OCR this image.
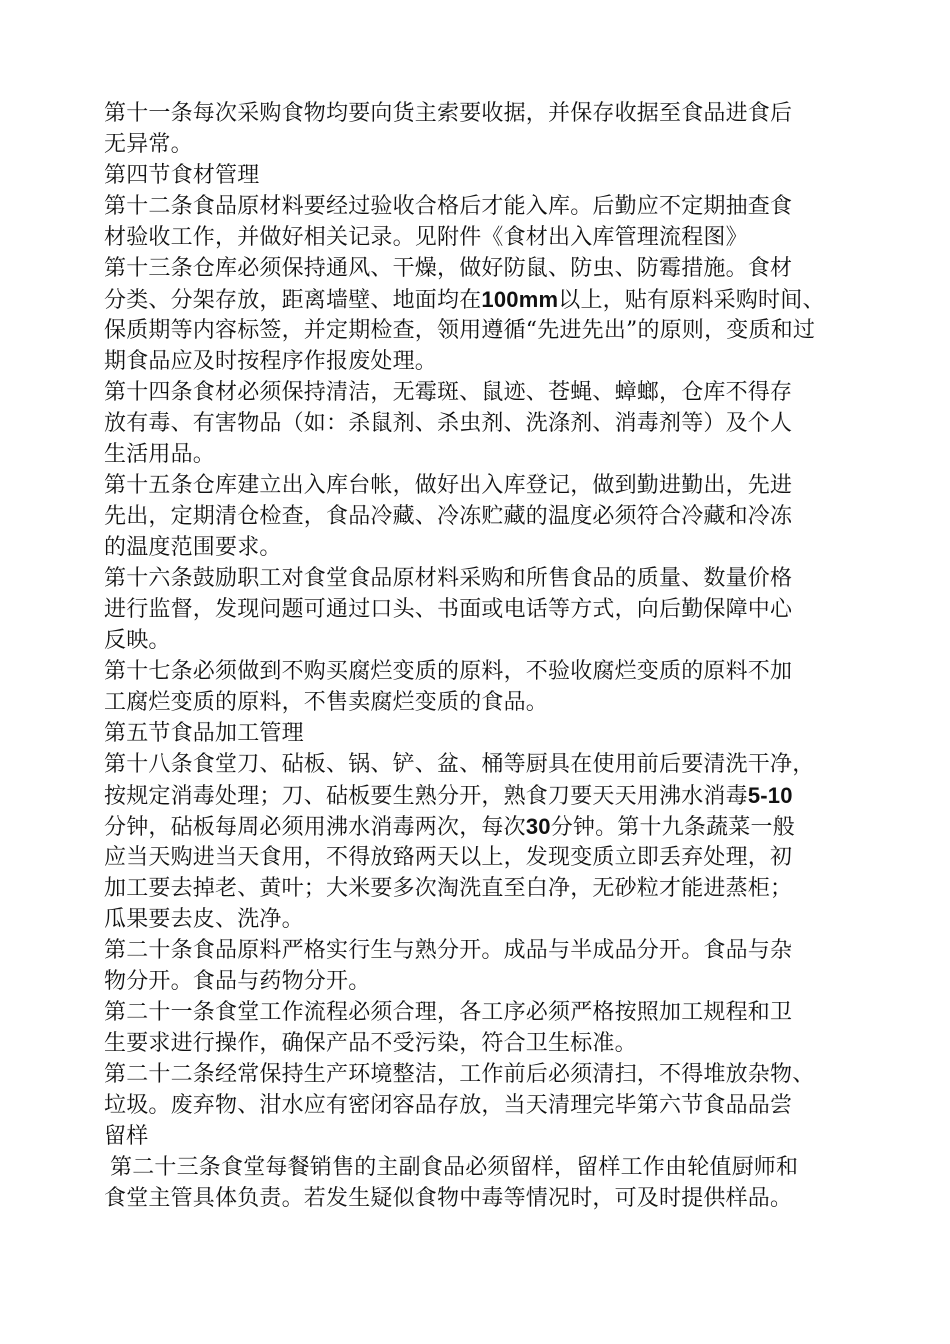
第十一条每次采购食物均要向货主索要收据，并保存收据至食品进食后
无异常。
第四节食材管理
第十二条食品原材料要经过验收合格后才能入库。后勤应不定期抽查食
材验收工作，并做好相关记录。见附件《食材出入库管理流程图》
第十三条仓库必须保持通风、干燥，做好防鼠、防虫、防霉措施。食材
分类、分架存放，距离墙壁、地面均在100mm以上，贴有原料采购时间、
保质期等内容标签，并定期检查，领用遵循“先进先出”的原则，变质和过
期食品应及时按程序作报废处理。
第十四条食材必须保持清洁，无霉斑、鼠迹、苍蝇、蟑螂，仓库不得存
放有毒、有害物品（如：杀鼠剂、杀虫剂、洗涤剂、消毒剂等）及个人
生活用品。
第十五条仓库建立出入库台帐，做好出入库登记，做到勤进勤出，先进
先出，定期清仓检查，食品冷藏、冷冻贮藏的温度必须符合冷藏和冷冻
的温度范围要求。
第十六条鼓励职工对食堂食品原材料采购和所售食品的质量、数量价格
进行监督，发现问题可通过口头、书面或电话等方式，向后勤保障中心
反映。
第十七条必须做到不购买腐烂变质的原料，不验收腐烂变质的原料不加
工腐烂变质的原料，不售卖腐烂变质的食品。
第五节食品加工管理
第十八条食堂刀、砧板、锅、铲、盆、桶等厨具在使用前后要清洗干净，
按规定消毒处理；刀、砧板要生熟分开，熟食刀要天天用沸水消毒5-10
分钟，砧板每周必须用沸水消毒两次，每次30分钟。第十九条蔬菜一般
应当天购进当天食用，不得放臵两天以上，发现变质立即丢弃处理，初
加工要去掉老、黄叶；大米要多次淘洗直至白净，无砂粒才能进蒸柜；
瓜果要去皮、洗净。
第二十条食品原料严格实行生与熟分开。成品与半成品分开。食品与杂
物分开。食品与药物分开。
第二十一条食堂工作流程必须合理，各工序必须严格按照加工规程和卫
生要求进行操作，确保产品不受污染，符合卫生标准。
第二十二条经常保持生产环境整洁，工作前后必须清扫，不得堆放杂物、
垃圾。废弃物、泔水应有密闭容品存放，当天清理完毕第六节食品品尝
留样
第二十三条食堂每餐销售的主副食品必须留样，留样工作由轮值厨师和
食堂主管具体负责。若发生疑似食物中毒等情况时，可及时提供样品。
